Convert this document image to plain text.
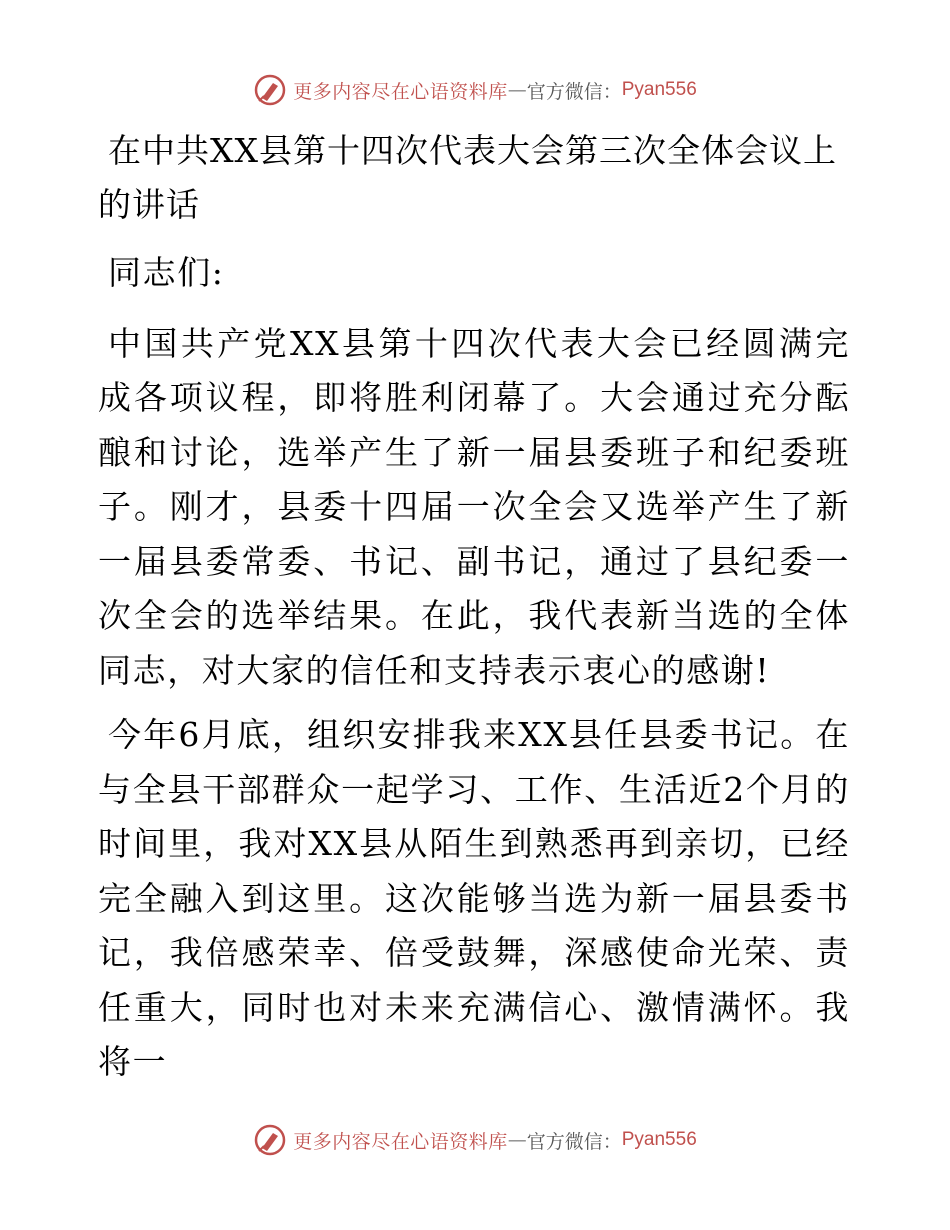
更多内容尽在心语资料库 — 官方微信： Pyan556
在中共XX县第十四次代表大会第三次全体会议上的讲话
同志们:
中国共产党XX县第十四次代表大会已经圆满完成各项议程，即将胜利闭幕了。大会通过充分酝酿和讨论，选举产生了新一届县委班子和纪委班子。刚才，县委十四届一次全会又选举产生了新一届县委常委、书记、副书记，通过了县纪委一次全会的选举结果。在此，我代表新当选的全体同志，对大家的信任和支持表示衷心的感谢!
今年6月底，组织安排我来XX县任县委书记。在与全县干部群众一起学习、工作、生活近2个月的时间里，我对XX县从陌生到熟悉再到亲切，已经完全融入到这里。这次能够当选为新一届县委书记，我倍感荣幸、倍受鼓舞，深感使命光荣、责任重大，同时也对未来充满信心、激情满怀。我将一
更多内容尽在心语资料库 — 官方微信： Pyan556
